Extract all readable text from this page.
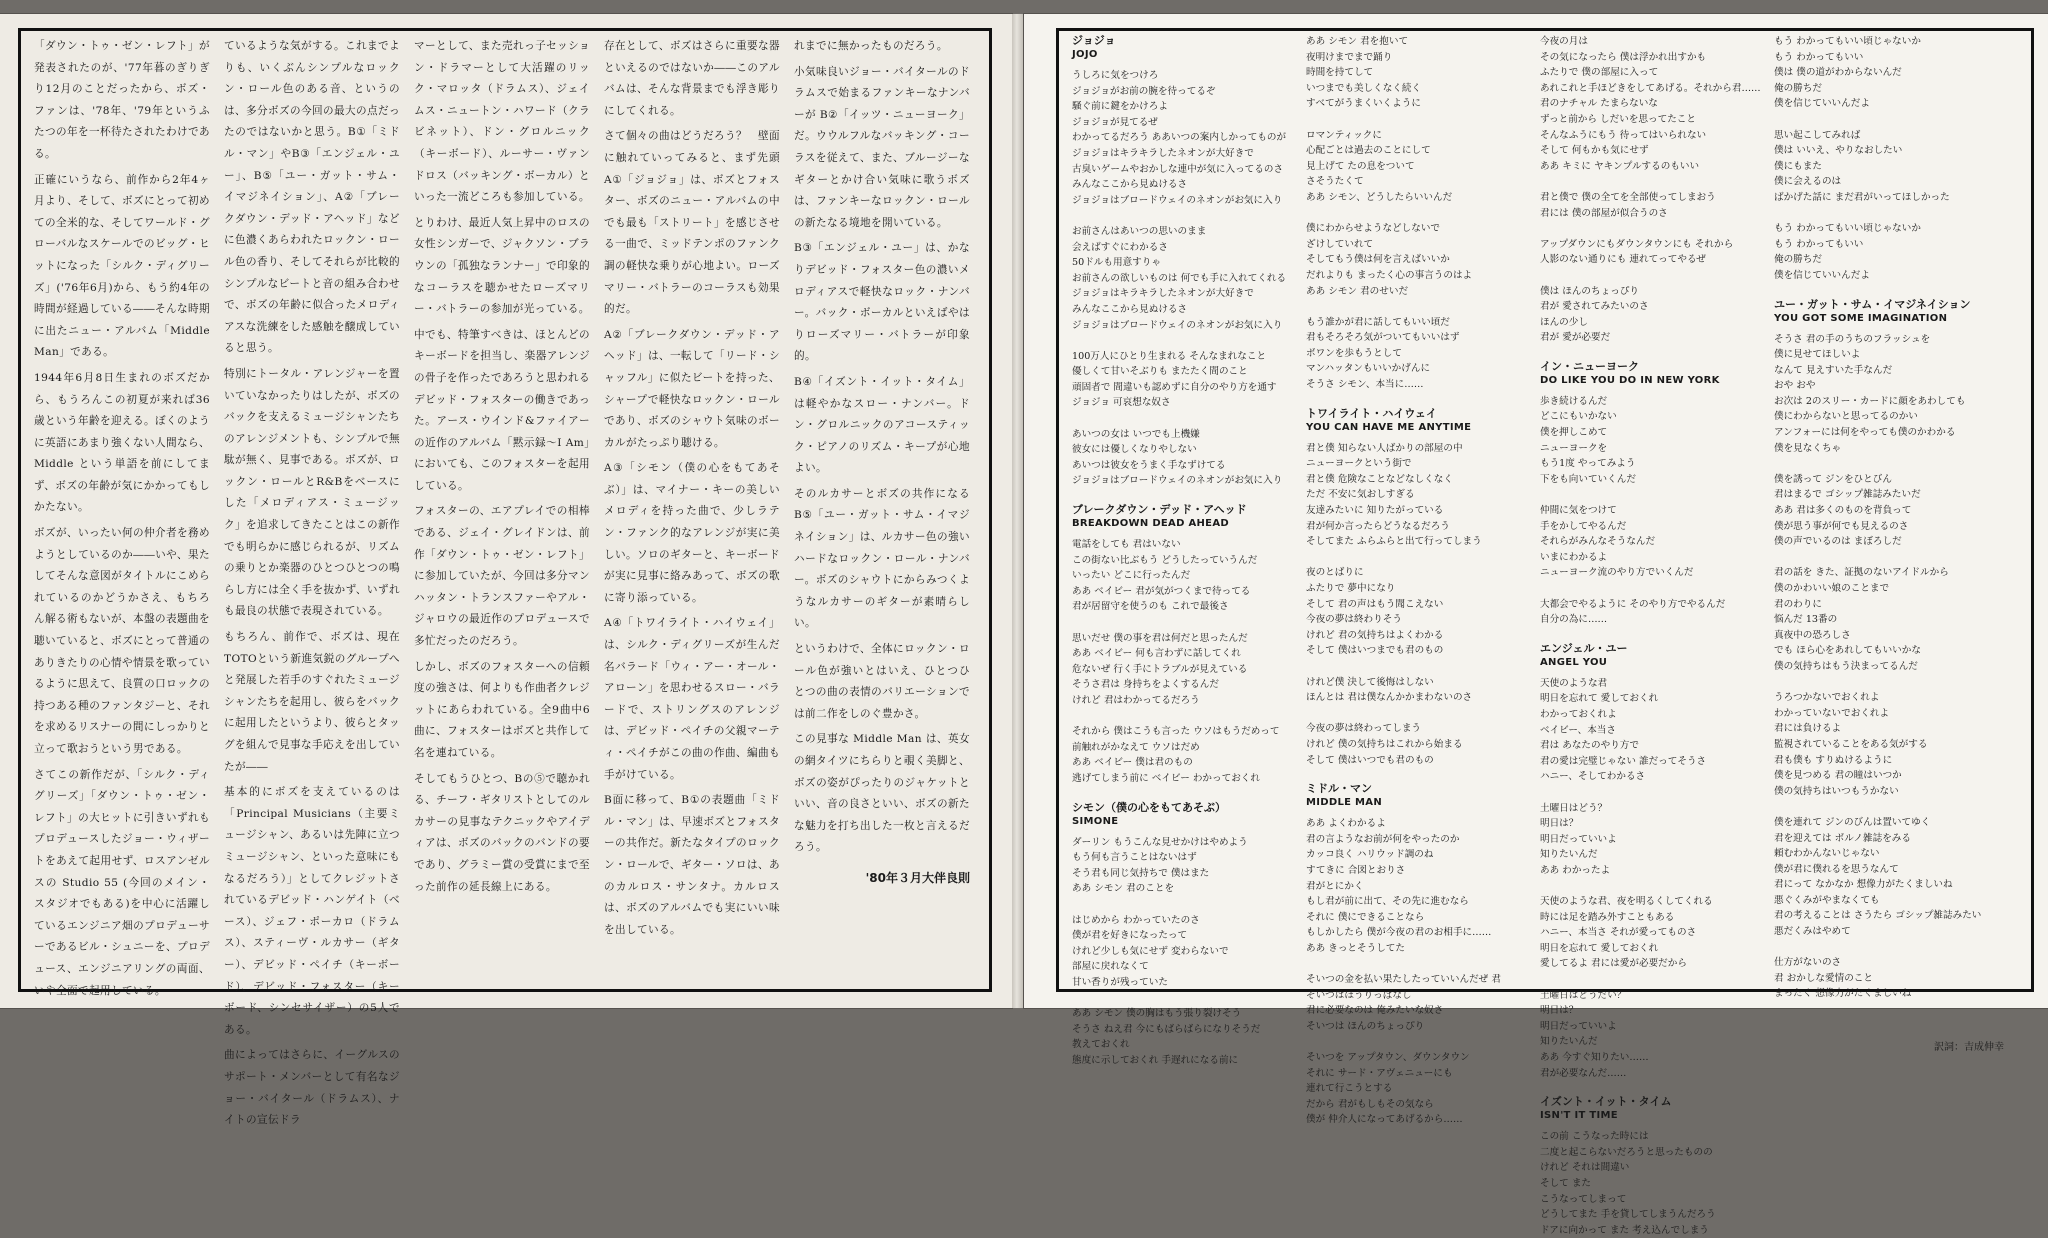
「ダウン・トゥ・ゼン・レフト」が発表されたのが、'77年暮のぎりぎり12月のことだったから、ボズ・ファンは、'78年、'79年というふたつの年を一杯待たされたわけである。

正確にいうなら、前作から2年4ヶ月より、そして、ボズにとって初めての全米的な、そしてワールド・グローバルなスケールでのビッグ・ヒットになった「シルク・ディグリーズ」('76年6月)から、もう約4年の時間が経過している――そんな時期に出たニュー・アルバム「Middle Man」である。

1944年6月8日生まれのボズだから、もうろんこの初夏が来れば36歳という年齢を迎える。ぼくのように英語にあまり強くない人間なら、Middle という単語を前にしてまず、ボズの年齢が気にかかってもしかたない。

ボズが、いったい何の仲介者を務めようとしているのか――いや、果たしてそんな意図がタイトルにこめられているのかどうかさえ、もちろん解る術もないが、本盤の表題曲を聴いていると、ボズにとって普通のありきたりの心情や情景を歌っているように思えて、良質の口ロックの持つある種のファンタジーと、それを求めるリスナーの間にしっかりと立って歌おうという男である。

さてこの新作だが、「シルク・ディグリーズ」「ダウン・トゥ・ゼン・レフト」の大ヒットに引きいずれもプロデュースしたジョー・ウィザートをあえて起用せず、ロスアンゼルスの Studio 55 (今回のメイン・スタジオでもある)を中心に活躍しているエンジニア畑のプロデューサーであるビル・シュニーを、プロデュース、エンジニアリングの両面、いや全面で起用している。

ているような気がする。これまでよりも、いくぶんシンプルなロックン・ロール色のある音、というのは、多分ボズの今回の最大の点だったのではないかと思う。B①「ミドル・マン」やB③「エンジェル・ユー」、B⑤「ユー・ガット・サム・イマジネイション」、A②「ブレークダウン・デッド・アヘッド」などに色濃くあらわれたロックン・ロール色の香り、そしてそれらが比較的シンプルなビートと音の組み合わせで、ボズの年齢に似合ったメロディアスな洗練をした感触を醸成していると思う。

特別にトータル・アレンジャーを置いていなかったりはしたが、ボズのバックを支えるミュージシャンたちのアレンジメントも、シンプルで無駄が無く、見事である。ボズが、ロックン・ロールとR&Bをベースにした「メロディアス・ミュージック」を追求してきたことはこの新作でも明らかに感じられるが、リズムの乗りとか楽器のひとつひとつの鳴らし方には全く手を抜かず、いずれも最良の状態で表現されている。

もちろん、前作で、ボズは、現在TOTOという新進気鋭のグループへと発展した若手のすぐれたミュージシャンたちを起用し、彼らをバックに起用したというより、彼らとタッグを組んで見事な手応えを出していたが――

基本的にボズを支えているのは「Principal Musicians（主要ミュージシャン、あるいは先陣に立つミュージシャン、といった意味にもなるだろう）」としてクレジットされているデビッド・ハンゲイト（ベース）、ジェフ・ポーカロ（ドラムス）、スティーヴ・ルカサー（ギター）、デビッド・ペイチ（キーボード）、デビッド・フォスター（キーボード、シンセサイザー）の5人である。

曲によってはさらに、イーグルスのサポート・メンバーとして有名なジョー・バイタール（ドラムス）、ナイトの宣伝ドラ

マーとして、また売れっ子セッション・ドラマーとして大活躍のリック・マロッタ（ドラムス）、ジェイムス・ニュートン・ハワード（クラビネット）、ドン・グロルニック（キーボード）、ルーサー・ヴァンドロス（バッキング・ボーカル）といった一流どころも参加している。

とりわけ、最近人気上昇中のロスの女性シンガーで、ジャクソン・ブラウンの「孤独なランナー」で印象的なコーラスを聴かせたローズマリー・バトラーの参加が光っている。

中でも、特筆すべきは、ほとんどのキーボードを担当し、楽器アレンジの骨子を作ったであろうと思われるデビッド・フォスターの働きであった。アース・ウインド&ファイアーの近作のアルバム「黙示録～I Am」においても、このフォスターを起用している。

フォスターの、エアプレイでの相棒である、ジェイ・グレイドンは、前作「ダウン・トゥ・ゼン・レフト」に参加していたが、今回は多分マンハッタン・トランスファーやアル・ジャロウの最近作のプロデュースで多忙だったのだろう。

しかし、ボズのフォスターへの信頼度の強さは、何よりも作曲者クレジットにあらわれている。全9曲中6曲に、フォスターはボズと共作して名を連ねている。

そしてもうひとつ、Bの⑤で聴かれる、チーフ・ギタリストとしてのルカサーの見事なテクニックやアイディアは、ボズのバックのバンドの要であり、グラミー賞の受賞にまで至った前作の延長線上にある。

存在として、ボズはさらに重要な器といえるのではないか――このアルバムは、そんな背景までも浮き彫りにしてくれる。

さて個々の曲はどうだろう？　壁面に触れていってみると、まず先頭A①「ジョジョ」は、ボズとフォスター、ボズのニュー・アルバムの中でも最も「ストリート」を感じさせる一曲で、ミッドテンポのファンク調の軽快な乗りが心地よい。ローズマリー・バトラーのコーラスも効果的だ。

A②「ブレークダウン・デッド・アヘッド」は、一転して「リード・シャッフル」に似たビートを持った、シャープで軽快なロックン・ロールであり、ボズのシャウト気味のボーカルがたっぷり聴ける。

A③「シモン（僕の心をもてあそぶ）」は、マイナー・キーの美しいメロディを持った曲で、少しラテン・ファンク的なアレンジが実に美しい。ソロのギターと、キーボードが実に見事に絡みあって、ボズの歌に寄り添っている。

A④「トワイライト・ハイウェイ」は、シルク・ディグリーズが生んだ名バラード「ウィ・アー・オール・アローン」を思わせるスロー・バラードで、ストリングスのアレンジは、デビッド・ペイチの父親マーティ・ペイチがこの曲の作曲、編曲も手がけている。

B面に移って、B①の表題曲「ミドル・マン」は、早速ボズとフォスターの共作だ。新たなタイプのロックン・ロールで、ギター・ソロは、あのカルロス・サンタナ。カルロスは、ボズのアルバムでも実にいい味を出している。

れまでに無かったものだろう。

小気味良いジョー・バイタールのドラムスで始まるファンキーなナンバーが B②「イッツ・ニューヨーク」だ。ウウルフルなバッキング・コーラスを従えて、また、ブルージーなギターとかけ合い気味に歌うボズは、ファンキーなロックン・ロールの新たなる境地を開いている。

B③「エンジェル・ユー」は、かなりデビッド・フォスター色の濃いメロディアスで軽快なロック・ナンバー。バック・ボーカルといえばやはりローズマリー・バトラーが印象的。

B④「イズント・イット・タイム」は軽やかなスロー・ナンバー。ドン・グロルニックのアコースティック・ピアノのリズム・キープが心地よい。

そのルカサーとボズの共作になるB⑤「ユー・ガット・サム・イマジネイション」は、ルカサー色の強いハードなロックン・ロール・ナンバー。ボズのシャウトにからみつくようなルカサーのギターが素晴らしい。

というわけで、全体にロックン・ロール色が強いとはいえ、ひとつひとつの曲の表情のバリエーションでは前二作をしのぐ豊かさ。

この見事な Middle Man は、英女の網タイツにちらりと覗く美脚と、ボズの姿がぴったりのジャケットといい、音の良さといい、ボズの新たな魅力を打ち出した一枚と言えるだろう。

'80年３月大伴良則
ジョジョ
JOJO
うしろに気をつけろ
ジョジョがお前の腕を待ってるぞ
騒ぐ前に鍵をかけろよ
ジョジョが見てるぜ
わかってるだろう ああいつの案内しかってものが
ジョジョはキラキラしたネオンが大好きで
古臭いゲームやおかしな連中が気に入ってるのさ
みんなここから見ぬけるさ
ジョジョはブロードウェイのネオンがお気に入り

お前さんはあいつの思いのまま
会えばすぐにわかるさ
50ドルも用意すりゃ
お前さんの欲しいものは 何でも手に入れてくれる
ジョジョはキラキラしたネオンが大好きで
みんなここから見ぬけるさ
ジョジョはブロードウェイのネオンがお気に入り

100万人にひとり生まれる そんなまれなこと
優しくて甘いそぶりも またたく間のこと
頑固者で 間違いも認めずに自分のやり方を通す
ジョジョ 可哀想な奴さ

あいつの女は いつでも上機嫌
彼女には優しくなりやしない
あいつは彼女をうまく手なずけてる
ジョジョはブロードウェイのネオンがお気に入り
ブレークダウン・デッド・アヘッド
BREAKDOWN DEAD AHEAD
電話をしても 君はいない
この街ない比ぶもう どうしたっていうんだ
いったい どこに行ったんだ
ああ ベイビー 君が気がつくまで待ってる
君が居留守を使うのも これで最後さ

思いだせ 僕の事を君は何だと思ったんだ
ああ ベイビー 何も言わずに話してくれ
危ないぜ 行く手にトラブルが見えている
そうさ君は 身持ちをよくするんだ
けれど 君はわかってるだろう

それから 僕はこうも言った ウソはもうだめって
前触れがかなえて ウソはだめ
ああ ベイビー 僕は君のもの
逃げてしまう前に ベイビー わかっておくれ
シモン（僕の心をもてあそぶ）
SIMONE
ダーリン もうこんな見せかけはやめよう
もう何も言うことはないはず
そう君も同じ気持ちで 僕はまた
ああ シモン 君のことを

はじめから わかっていたのさ
僕が君を好きになったって
けれど少しも気にせず 変わらないで
部屋に戻れなくて
甘い香りが残っていた

ああ シモン 僕の胸はもう張り裂けそう
そうさ ねえ君 今にもばらばらになりそうだ
教えておくれ
態度に示しておくれ 手遅れになる前に
ああ シモン 君を抱いて
夜明けまでまで踊り
時間を持てして
いつまでも美しくなく続く
すべてがうまくいくように

ロマンティックに
心配ごとは過去のことにして
見上げて たの息をついて
さそうたくて
ああ シモン、どうしたらいいんだ

僕にわからせようなどしないで
ざけしていれて
そしてもう僕は何を言えばいいか
だれよりも まったく心の事言うのはよ
ああ シモン 君のせいだ

もう誰かが君に話してもいい頃だ
君もそろそろ気がついてもいいはず
ボワンを歩もうとして
マンハッタンもいいかげんに
そうさ シモン、本当に……
トワイライト・ハイウェイ
YOU CAN HAVE ME ANYTIME
君と僕 知らない人ばかりの部屋の中
ニューヨークという街で
君と僕 危険なことなどなしくなく
ただ 不安に気おしすぎる
友達みたいに 知りたがっている
君が何か言ったらどうなるだろう
そしてまた ふらふらと出て行ってしまう

夜のとばりに
ふたりで 夢中になり
そして 君の声はもう聞こえない
今夜の夢は終わりそう
けれど 君の気持ちはよくわかる
そして 僕はいつまでも君のもの

けれど僕 決して後悔はしない
ほんとは 君は僕なんかかまわないのさ

今夜の夢は終わってしまう
けれど 僕の気持ちはこれから始まる
そして 僕はいつでも君のもの
ミドル・マン
MIDDLE MAN
ああ よくわかるよ
君の言ようなお前が何をやったのか
カッコ良く ハリウッド調のね
すてきに 合図とおりさ
君がとにかく
もし君が前に出て、その先に進むなら
それに 僕にできることなら
もしかしたら 僕が今夜の君のお相手に……
ああ きっとそうしてた

そいつの金を払い果たしたっていいんだぜ 君
そいつはほうりっぱなし
君に必要なのは 俺みたいな奴さ
そいつは ほんのちょっぴり

そいつを アップタウン、ダウンタウン
それに サード・アヴェニューにも
連れて行こうとする
だから 君がもしもその気なら
僕が 仲介人になってあげるから……
今夜の月は
その気になったら 僕は浮かれ出すかも
ふたりで 僕の部屋に入って
あれこれと手ほどきをしてあげる。それから君……
君のナチャル たまらないな
ずっと前から しだいを思ってたこと
そんなふうにもう 待ってはいられない
そして 何もかも気にせず
ああ キミに ヤキンプルするのもいい

君と僕で 僕の全てを全部使ってしまおう
君には 僕の部屋が似合うのさ

アップダウンにもダウンタウンにも それから
人影のない通りにも 連れてってやるぜ

僕は ほんのちょっぴり
君が 愛されてみたいのさ
ほんの少し
君が 愛が必要だ
イン・ニューヨーク
DO LIKE YOU DO IN NEW YORK
歩き続けるんだ
どこにもいかない
僕を押しこめて
ニューヨークを
もう1度 やってみよう
下をも向いていくんだ

仲間に気をつけて
手をかしてやるんだ
それらがみんなそうなんだ
いまにわかるよ
ニューヨーク流のやり方でいくんだ

大都会でやるように そのやり方でやるんだ
自分の為に……
エンジェル・ユー
ANGEL YOU
天使のような君
明日を忘れて 愛しておくれ
わかっておくれよ
ベイビー、本当さ
君は あなたのやり方で
君の愛は完璧じゃない 誰だってそうさ
ハニー、そしてわかるさ

土曜日はどう？
明日は？
明日だっていいよ
知りたいんだ
ああ わかったよ

天使のような君、夜を明るくしてくれる
時には足を踏み外すこともある
ハニー、本当さ それが愛ってものさ
明日を忘れて 愛しておくれ
愛してるよ 君には愛が必要だから

土曜日はどうだい？
明日は？
明日だっていいよ
知りたいんだ
ああ 今すぐ知りたい……
君が必要なんだ……
イズント・イット・タイム
ISN'T IT TIME
この前 こうなった時には
二度と起こらないだろうと思ったものの
けれど それは間違い
そして また
こうなってしまって
どうしてまた 手を貸してしまうんだろう
ドアに向かって また 考え込んでしまう
もう わかってもいい頃じゃないか
もう わかってもいい
僕は 僕の道がわからないんだ
俺の勝ちだ
僕を信じていいんだよ

思い起こしてみれば
僕は いいえ、やりなおしたい
僕にもまた
僕に会えるのは
ばかげた話に まだ君がいってほしかった

もう わかってもいい頃じゃないか
もう わかってもいい
俺の勝ちだ
僕を信じていいんだよ
ユー・ガット・サム・イマジネイション
YOU GOT SOME IMAGINATION
そうさ 君の手のうちのフラッシュを
僕に見せてほしいよ
なんて 見えすいた手なんだ
おや おや
お次は 2のスリー・カードに顔をあわしても
僕にわからないと思ってるのかい
アンフォーには何をやっても僕のかわかる
僕を見なくちゃ

僕を誘って ジンをひとびん
君はまるで ゴシップ雑誌みたいだ
ああ 君は多くのものを背負って
僕が思う事が何でも見えるのさ
僕の声でいるのは まぼろしだ

君の話を きた、証拠のないアイドルから
僕のかわいい娘のことまで
君のわりに
悩んだ 13番の
真夜中の恐ろしさ
でも ほら心をあれしてもいいかな
僕の気持ちはもう決まってるんだ

うろつかないでおくれよ
わかっていないでおくれよ
君には負けるよ
監視されていることをある気がする
君も僕も すりぬけるように
僕を見つめる 君の瞳はいつか
僕の気持ちはいつもうかない

僕を連れて ジンのびんは置いてゆく
君を迎えては ボルノ雑誌をみる
頼むわかんないじゃない
僕が君に僕れるを思うなんて
君にって なかなか 想像力がたくましいね
悪ぐくみがやまなくても
君の考えることは さうたら ゴシップ雑誌みたい
悪だくみはやめて

仕方がないのさ
君 おかしな愛情のこと
まったく 想像力がたくましいね
訳詞：吉成伸幸
